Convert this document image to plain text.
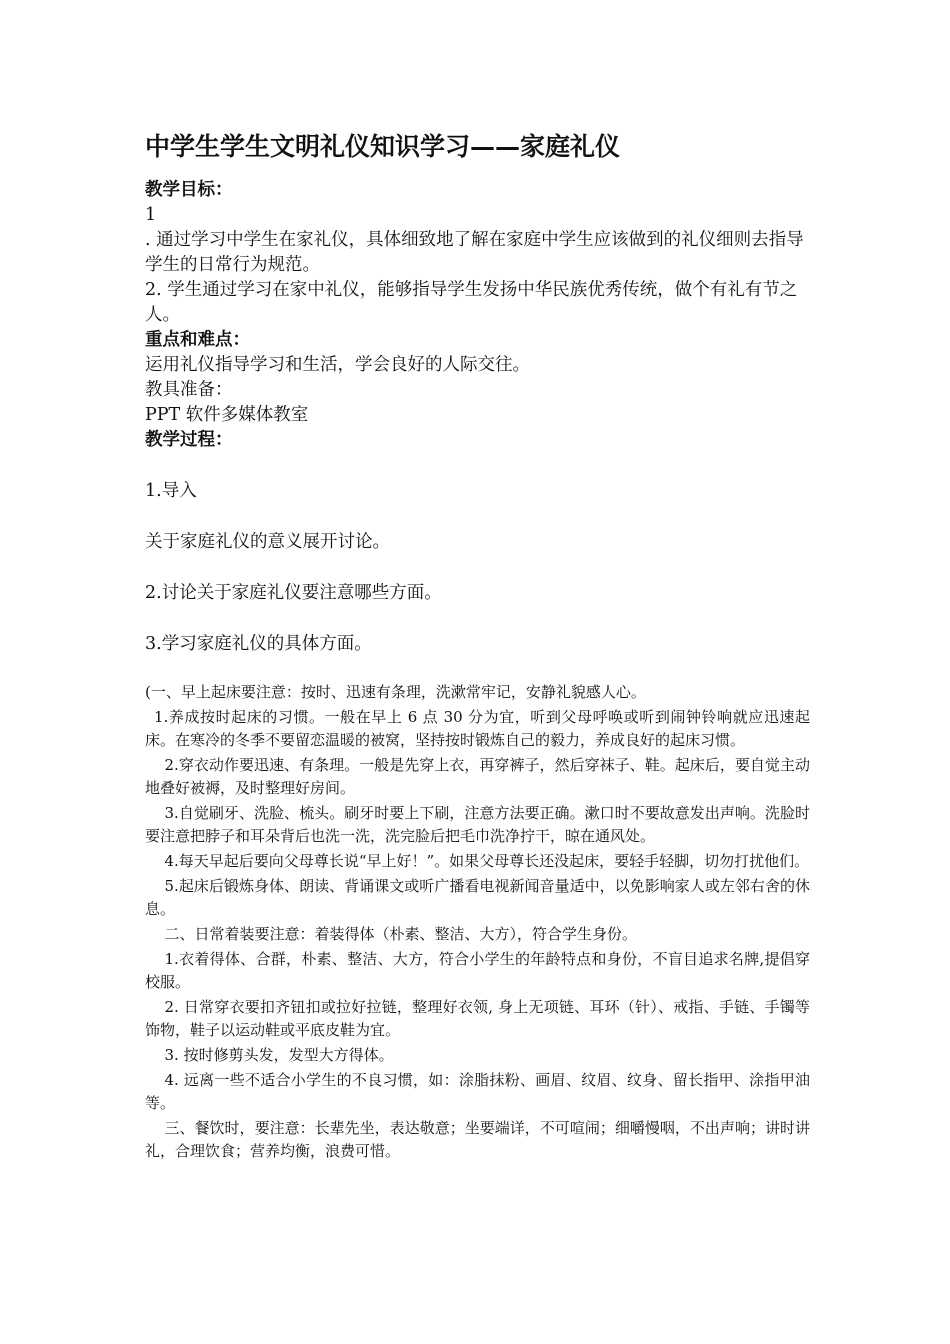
中学生学生文明礼仪知识学习——家庭礼仪

教学目标：

1

. 通过学习中学生在家礼仪，具体细致地了解在家庭中学生应该做到的礼仪细则去指导学生的日常行为规范。

2. 学生通过学习在家中礼仪，能够指导学生发扬中华民族优秀传统，做个有礼有节之人。

重点和难点：

运用礼仪指导学习和生活，学会良好的人际交往。

教具准备：

PPT 软件多媒体教室

教学过程：

1.导入

关于家庭礼仪的意义展开讨论。

2.讨论关于家庭礼仪要注意哪些方面。

3.学习家庭礼仪的具体方面。

(一、早上起床要注意：按时、迅速有条理，洗漱常牢记，安静礼貌感人心。

1.养成按时起床的习惯。一般在早上 6 点 30 分为宜，听到父母呼唤或听到闹钟铃响就应迅速起床。在寒冷的冬季不要留恋温暖的被窝，坚持按时锻炼自己的毅力，养成良好的起床习惯。

2.穿衣动作要迅速、有条理。一般是先穿上衣，再穿裤子，然后穿袜子、鞋。起床后，要自觉主动地叠好被褥，及时整理好房间。

3.自觉刷牙、洗脸、梳头。刷牙时要上下刷，注意方法要正确。漱口时不要故意发出声响。洗脸时要注意把脖子和耳朵背后也洗一洗，洗完脸后把毛巾洗净拧干，晾在通风处。

4.每天早起后要向父母尊长说“早上好！”。如果父母尊长还没起床，要轻手轻脚，切勿打扰他们。

5.起床后锻炼身体、朗读、背诵课文或听广播看电视新闻音量适中，以免影响家人或左邻右舍的休息。

二、日常着装要注意：着装得体（朴素、整洁、大方），符合学生身份。

1.衣着得体、合群，朴素、整洁、大方，符合小学生的年龄特点和身份，不盲目追求名牌,提倡穿校服。

2. 日常穿衣要扣齐钮扣或拉好拉链，整理好衣领, 身上无项链、耳环（针）、戒指、手链、手镯等饰物，鞋子以运动鞋或平底皮鞋为宜。

3. 按时修剪头发，发型大方得体。

4. 远离一些不适合小学生的不良习惯，如：涂脂抹粉、画眉、纹眉、纹身、留长指甲、涂指甲油等。

三、餐饮时，要注意：长辈先坐，表达敬意；坐要端详，不可喧闹；细嚼慢咽，不出声响；讲时讲礼，合理饮食；营养均衡，浪费可惜。
